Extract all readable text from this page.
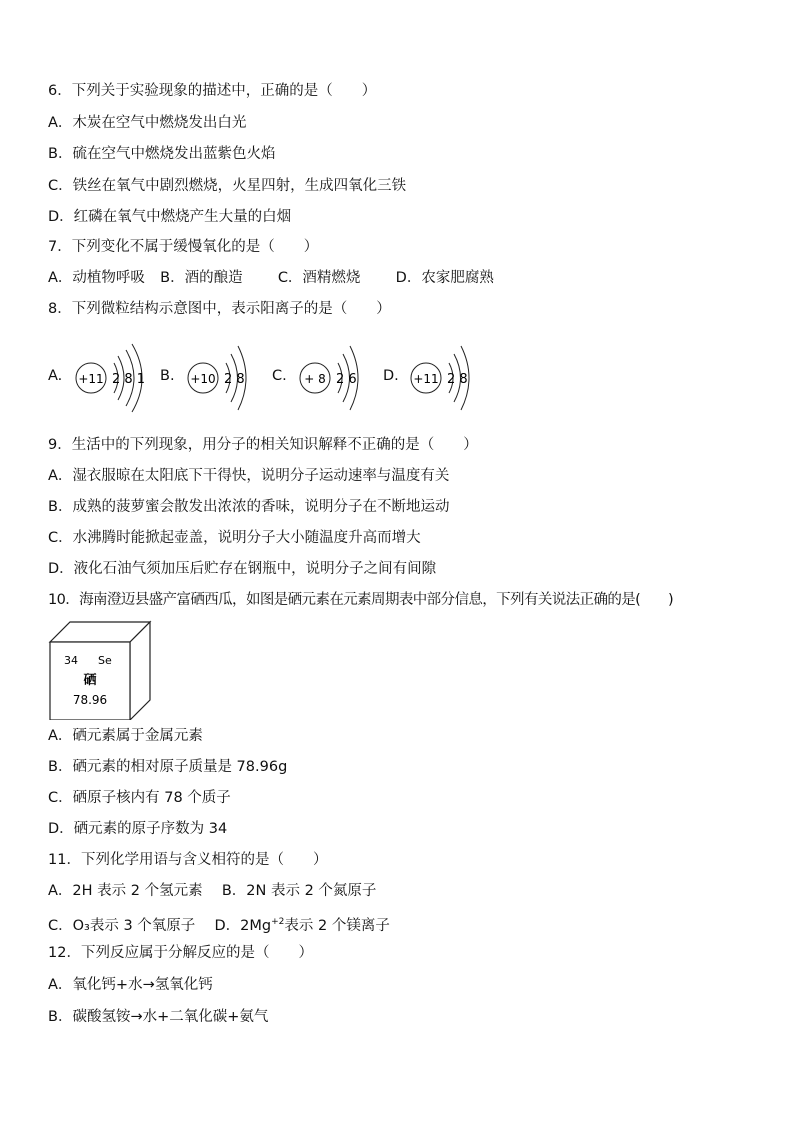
6．下列关于实验现象的描述中，正确的是（　　）
A．木炭在空气中燃烧发出白光
B．硫在空气中燃烧发出蓝紫色火焰
C．铁丝在氧气中剧烈燃烧，火星四射，生成四氧化三铁
D．红磷在氧气中燃烧产生大量的白烟
7．下列变化不属于缓慢氧化的是（　　）
A．动植物呼吸 B．酒的酿造 C．酒精燃烧 D．农家肥腐熟
8．下列微粒结构示意图中，表示阳离子的是（　　）
A. +11 2 8 1 B. +10 2 8 C. + 8 2 6 D. +11 2 8
9．生活中的下列现象，用分子的相关知识解释不正确的是（　　）
A．湿衣服晾在太阳底下干得快，说明分子运动速率与温度有关
B．成熟的菠萝蜜会散发出浓浓的香味，说明分子在不断地运动
C．水沸腾时能掀起壶盖，说明分子大小随温度升高而增大
D．液化石油气须加压后贮存在钢瓶中，说明分子之间有间隙
10．海南澄迈县盛产富硒西瓜，如图是硒元素在元素周期表中部分信息，下列有关说法正确的是(　　)
34 Se
硒
78.96
A．硒元素属于金属元素
B．硒元素的相对原子质量是 78.96g
C．硒原子核内有 78 个质子
D．硒元素的原子序数为 34
11．下列化学用语与含义相符的是（　　）
A．2H 表示 2 个氢元素 B．2N 表示 2 个氮原子
C．O₃表示 3 个氧原子 D．$2Mg^{+2}$表示 2 个镁离子
12．下列反应属于分解反应的是（　　）
A．氧化钙+水→氢氧化钙
B．碳酸氢铵→水+二氧化碳+氨气
